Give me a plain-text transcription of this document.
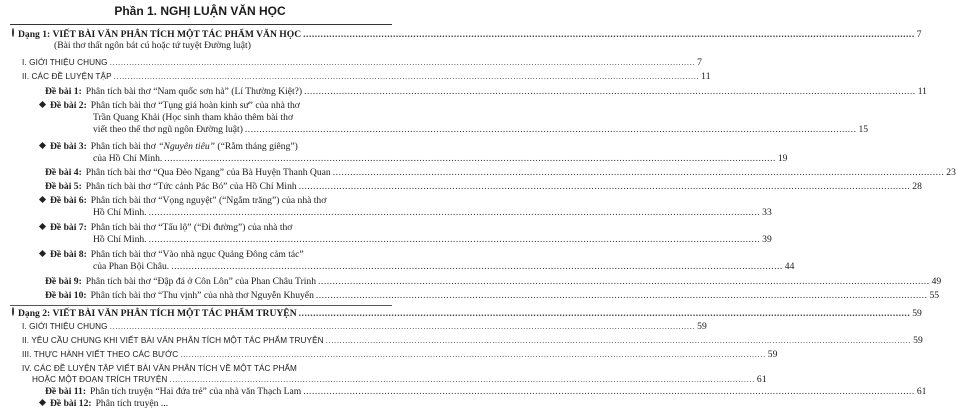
Phần 1. NGHỊ LUẬN VĂN HỌC
Dạng 1: VIẾT BÀI VĂN PHÂN TÍCH MỘT TÁC PHẨM VĂN HỌC .....	7
(Bài thơ thất ngôn bát cú hoặc tứ tuyệt Đường luật)
I. GIỚI THIỆU CHUNG .....	7
II. CÁC ĐỀ LUYỆN TẬP .....	11
Đề bài 1: Phân tích bài thơ “Nam quốc sơn hà” (Lí Thường Kiệt?) .....	11
Đề bài 2: Phân tích bài thơ “Tụng giá hoàn kinh sư” của nhà thơ
Trần Quang Khải (Học sinh tham khảo thêm bài thơ
viết theo thể thơ ngũ ngôn Đường luật) .....	15
Đề bài 3: Phân tích bài thơ “Nguyên tiêu” (“Rằm tháng giêng”)
của Hồ Chí Minh. .....	19
Đề bài 4: Phân tích bài thơ “Qua Đèo Ngang” của Bà Huyện Thanh Quan .....	23
Đề bài 5: Phân tích bài thơ “Tức cảnh Pác Bó” của Hồ Chí Minh .....	28
Đề bài 6: Phân tích bài thơ “Vọng nguyệt” (“Ngắm trăng”) của nhà thơ
Hồ Chí Minh. .....	33
Đề bài 7: Phân tích bài thơ “Tẩu lộ” (“Đi đường”) của nhà thơ
Hồ Chí Minh. .....	39
Đề bài 8: Phân tích bài thơ “Vào nhà ngục Quảng Đông cảm tác”
của Phan Bội Châu. .....	44
Đề bài 9: Phân tích bài thơ “Đập đá ở Côn Lôn” của Phan Châu Trinh .....	49
Đề bài 10: Phân tích bài thơ “Thu vịnh” của nhà thơ Nguyễn Khuyến .....	55
Dạng 2: VIẾT BÀI VĂN PHÂN TÍCH MỘT TÁC PHẨM TRUYỆN .....	59
I. GIỚI THIỆU CHUNG .....	59
II. YÊU CẦU CHUNG KHI VIẾT BÀI VĂN PHÂN TÍCH MỘT TÁC PHẨM TRUYỆN .....	59
III. THỰC HÀNH VIẾT THEO CÁC BƯỚC .....	59
IV. CÁC ĐỀ LUYỆN TẬP VIẾT BÀI VĂN PHÂN TÍCH VỀ MỘT TÁC PHẨM
HOẶC MỘT ĐOẠN TRÍCH TRUYỆN .....	61
Đề bài 11: Phân tích truyện “Hai đứa trẻ” của nhà văn Thạch Lam .....	61
Đề bài 12: Phân tích truyện ...
